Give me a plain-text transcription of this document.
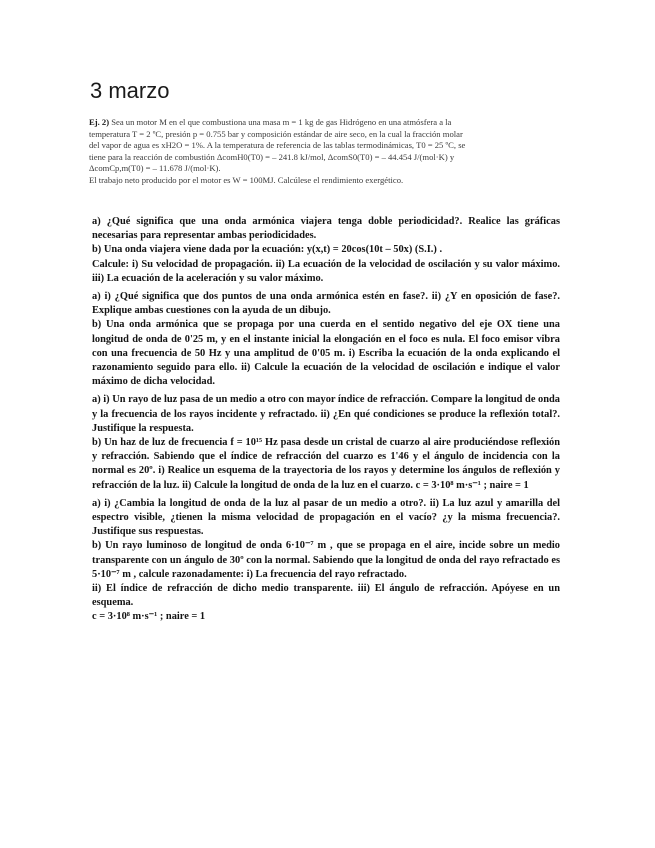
3 marzo

Ej. 2) Sea un motor M en el que combustiona una masa m = 1 kg de gas Hidrógeno en una atmósfera a la

temperatura T = 2 ºC, presión p = 0.755 bar y composición estándar de aire seco, en la cual la fracción molar

del vapor de agua es xH2O = 1%. A la temperatura de referencia de las tablas termodinámicas, T0 = 25 ºC, se

tiene para la reacción de combustión ΔcomH0(T0) = – 241.8 kJ/mol, ΔcomS0(T0) = – 44.454 J/(mol·K) y

ΔcomCp,m(T0) = – 11.678 J/(mol·K).

El trabajo neto producido por el motor es W = 100MJ. Calcúlese el rendimiento exergético.

a) ¿Qué significa que una onda armónica viajera tenga doble periodicidad?. Realice las gráficas necesarias para representar ambas periodicidades.

b) Una onda viajera viene dada por la ecuación: y(x,t) = 20cos(10t – 50x) (S.I.) .

Calcule: i) Su velocidad de propagación. ii) La ecuación de la velocidad de oscilación y su valor máximo. iii) La ecuación de la aceleración y su valor máximo.

a) i) ¿Qué significa que dos puntos de una onda armónica estén en fase?. ii) ¿Y en oposición de fase?. Explique ambas cuestiones con la ayuda de un dibujo.

b) Una onda armónica que se propaga por una cuerda en el sentido negativo del eje OX tiene una longitud de onda de 0'25 m, y en el instante inicial la elongación en el foco es nula. El foco emisor vibra con una frecuencia de 50 Hz y una amplitud de 0'05 m. i) Escriba la ecuación de la onda explicando el razonamiento seguido para ello. ii) Calcule la ecuación de la velocidad de oscilación e indique el valor máximo de dicha velocidad.

a) i) Un rayo de luz pasa de un medio a otro con mayor índice de refracción. Compare la longitud de onda y la frecuencia de los rayos incidente y refractado. ii) ¿En qué condiciones se produce la reflexión total?. Justifique la respuesta.

b) Un haz de luz de frecuencia f = 10¹⁵ Hz pasa desde un cristal de cuarzo al aire produciéndose reflexión y refracción. Sabiendo que el índice de refracción del cuarzo es 1'46 y el ángulo de incidencia con la normal es 20º. i) Realice un esquema de la trayectoria de los rayos y determine los ángulos de reflexión y refracción de la luz. ii) Calcule la longitud de onda de la luz en el cuarzo. c = 3·10⁸ m·s⁻¹ ; naire = 1

a) i) ¿Cambia la longitud de onda de la luz al pasar de un medio a otro?. ii) La luz azul y amarilla del espectro visible, ¿tienen la misma velocidad de propagación en el vacío? ¿y la misma frecuencia?. Justifique sus respuestas.

b) Un rayo luminoso de longitud de onda 6·10⁻⁷ m , que se propaga en el aire, incide sobre un medio transparente con un ángulo de 30º con la normal. Sabiendo que la longitud de onda del rayo refractado es 5·10⁻⁷ m , calcule razonadamente: i) La frecuencia del rayo refractado.

ii) El índice de refracción de dicho medio transparente. iii) El ángulo de refracción. Apóyese en un esquema.

c = 3·10⁸ m·s⁻¹ ; naire = 1
